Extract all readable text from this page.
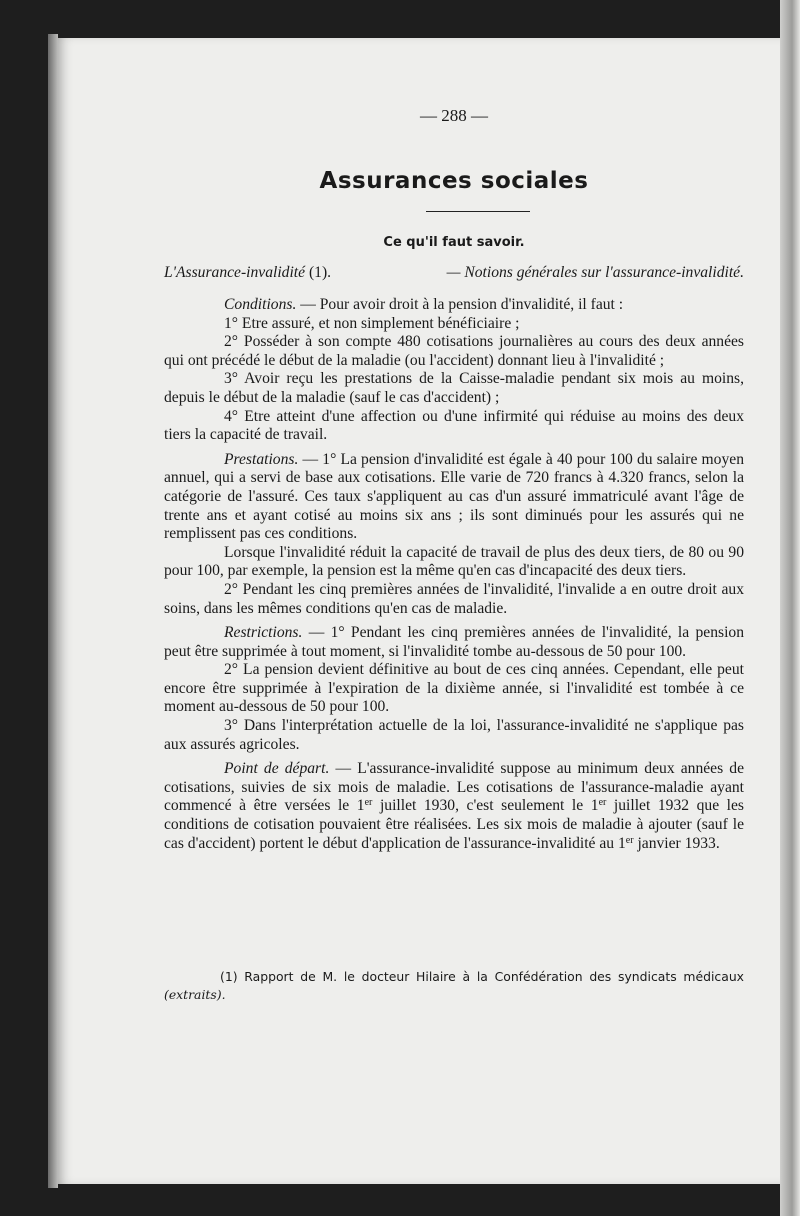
— 288 —
Assurances sociales
Ce qu'il faut savoir.
L'Assurance-invalidité (1).	— Notions générales sur l'assurance-invalidité.

Conditions. — Pour avoir droit à la pension d'invalidité, il faut :

1° Etre assuré, et non simplement bénéficiaire ;

2° Posséder à son compte 480 cotisations journalières au cours des deux années qui ont précédé le début de la maladie (ou l'accident) donnant lieu à l'invalidité ;

3° Avoir reçu les prestations de la Caisse-maladie pendant six mois au moins, depuis le début de la maladie (sauf le cas d'accident) ;

4° Etre atteint d'une affection ou d'une infirmité qui réduise au moins des deux tiers la capacité de travail.

Prestations. — 1° La pension d'invalidité est égale à 40 pour 100 du salaire moyen annuel, qui a servi de base aux cotisations. Elle varie de 720 francs à 4.320 francs, selon la catégorie de l'assuré. Ces taux s'appliquent au cas d'un assuré immatriculé avant l'âge de trente ans et ayant cotisé au moins six ans ; ils sont diminués pour les assurés qui ne remplissent pas ces conditions.

Lorsque l'invalidité réduit la capacité de travail de plus des deux tiers, de 80 ou 90 pour 100, par exemple, la pension est la même qu'en cas d'incapacité des deux tiers.

2° Pendant les cinq premières années de l'invalidité, l'invalide a en outre droit aux soins, dans les mêmes conditions qu'en cas de maladie.

Restrictions. — 1° Pendant les cinq premières années de l'invalidité, la pension peut être supprimée à tout moment, si l'invalidité tombe au-dessous de 50 pour 100.

2° La pension devient définitive au bout de ces cinq années. Cependant, elle peut encore être supprimée à l'expiration de la dixième année, si l'invalidité est tombée à ce moment au-dessous de 50 pour 100.

3° Dans l'interprétation actuelle de la loi, l'assurance-invalidité ne s'applique pas aux assurés agricoles.

Point de départ. — L'assurance-invalidité suppose au minimum deux années de cotisations, suivies de six mois de maladie. Les cotisations de l'assurance-maladie ayant commencé à être versées le 1er juillet 1930, c'est seulement le 1er juillet 1932 que les conditions de cotisation pouvaient être réalisées. Les six mois de maladie à ajouter (sauf le cas d'accident) portent le début d'application de l'assurance-invalidité au 1er janvier 1933.

(1) Rapport de M. le docteur Hilaire à la Confédération des syndicats médicaux (extraits).
